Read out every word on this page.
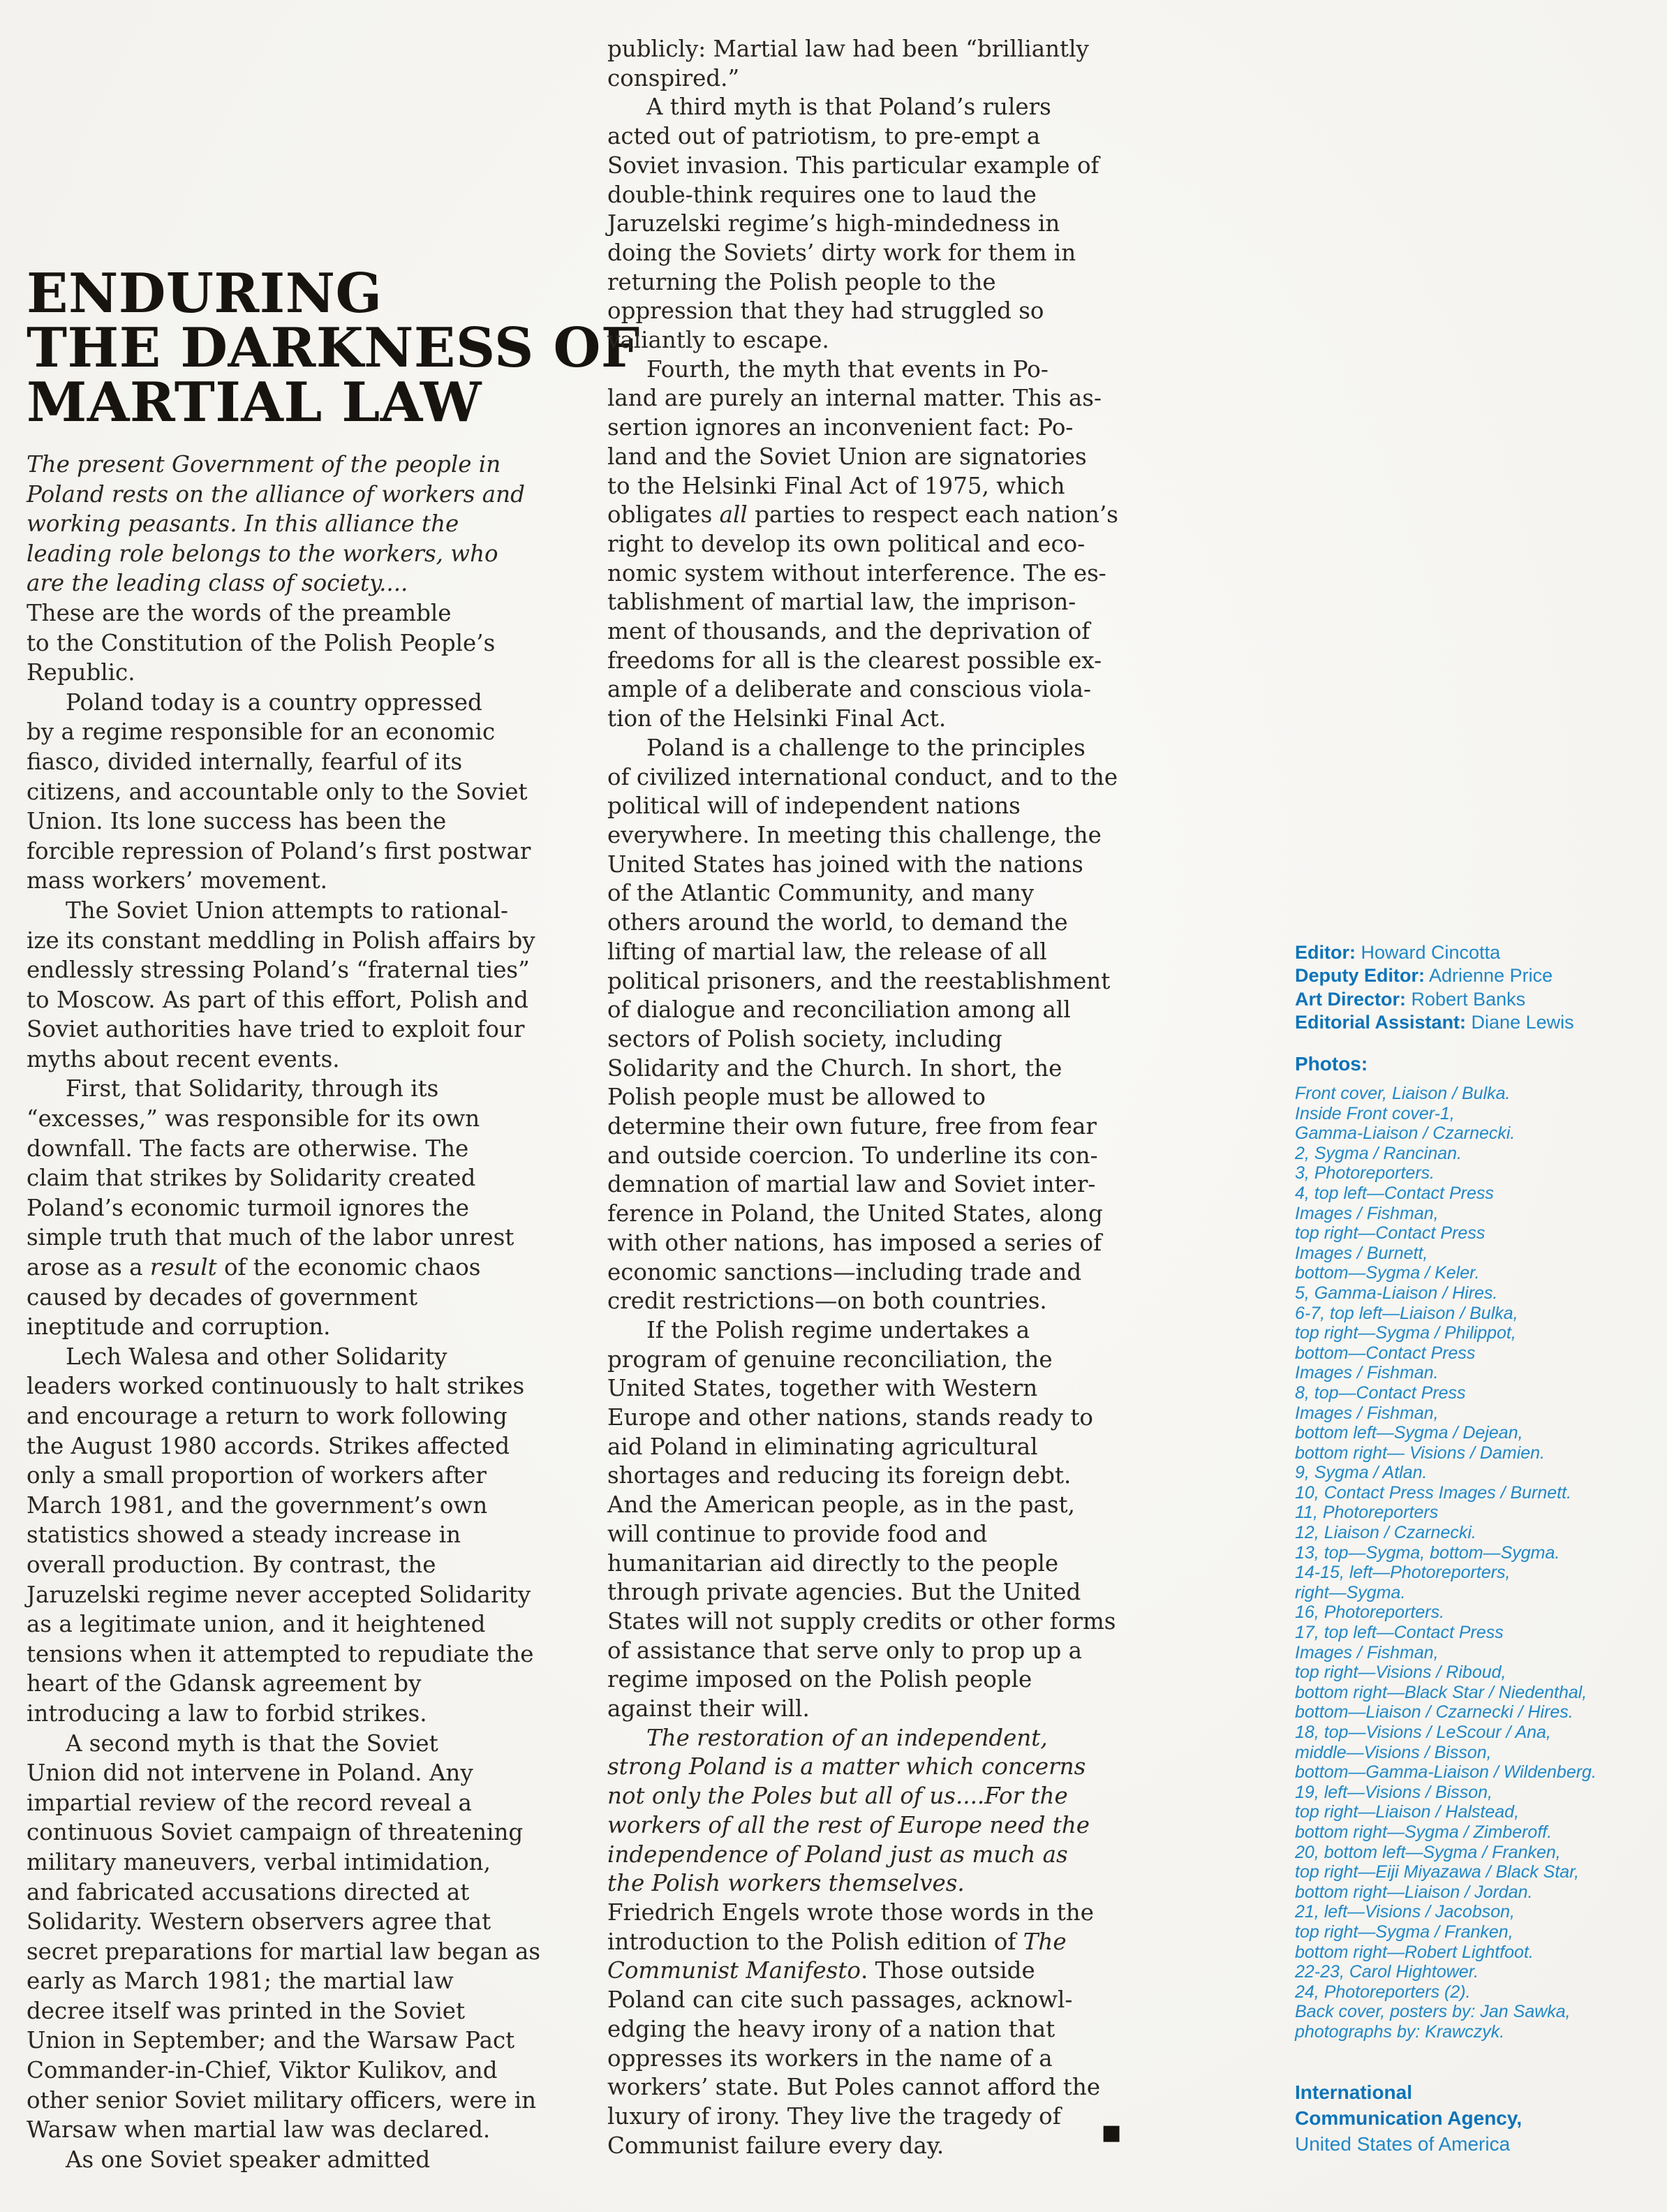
ENDURING
THE DARKNESS OF
MARTIAL LAW
The present Government of the people in
Poland rests on the alliance of workers and
working peasants. In this alliance the
leading role belongs to the workers, who
are the leading class of society....
These are the words of the preamble
to the Constitution of the Polish People’s
Republic.
Poland today is a country oppressed
by a regime responsible for an economic
fiasco, divided internally, fearful of its
citizens, and accountable only to the Soviet
Union. Its lone success has been the
forcible repression of Poland’s first postwar
mass workers’ movement.
The Soviet Union attempts to rational-
ize its constant meddling in Polish affairs by
endlessly stressing Poland’s “fraternal ties”
to Moscow. As part of this effort, Polish and
Soviet authorities have tried to exploit four
myths about recent events.
First, that Solidarity, through its
“excesses,” was responsible for its own
downfall. The facts are otherwise. The
claim that strikes by Solidarity created
Poland’s economic turmoil ignores the
simple truth that much of the labor unrest
arose as a result of the economic chaos
caused by decades of government
ineptitude and corruption.
Lech Walesa and other Solidarity
leaders worked continuously to halt strikes
and encourage a return to work following
the August 1980 accords. Strikes affected
only a small proportion of workers after
March 1981, and the government’s own
statistics showed a steady increase in
overall production. By contrast, the
Jaruzelski regime never accepted Solidarity
as a legitimate union, and it heightened
tensions when it attempted to repudiate the
heart of the Gdansk agreement by
introducing a law to forbid strikes.
A second myth is that the Soviet
Union did not intervene in Poland. Any
impartial review of the record reveal a
continuous Soviet campaign of threatening
military maneuvers, verbal intimidation,
and fabricated accusations directed at
Solidarity. Western observers agree that
secret preparations for martial law began as
early as March 1981; the martial law
decree itself was printed in the Soviet
Union in September; and the Warsaw Pact
Commander-in-Chief, Viktor Kulikov, and
other senior Soviet military officers, were in
Warsaw when martial law was declared.
As one Soviet speaker admitted
publicly: Martial law had been “brilliantly
conspired.”
A third myth is that Poland’s rulers
acted out of patriotism, to pre-empt a
Soviet invasion. This particular example of
double-think requires one to laud the
Jaruzelski regime’s high-mindedness in
doing the Soviets’ dirty work for them in
returning the Polish people to the
oppression that they had struggled so
valiantly to escape.
Fourth, the myth that events in Po-
land are purely an internal matter. This as-
sertion ignores an inconvenient fact: Po-
land and the Soviet Union are signatories
to the Helsinki Final Act of 1975, which
obligates all parties to respect each nation’s
right to develop its own political and eco-
nomic system without interference. The es-
tablishment of martial law, the imprison-
ment of thousands, and the deprivation of
freedoms for all is the clearest possible ex-
ample of a deliberate and conscious viola-
tion of the Helsinki Final Act.
Poland is a challenge to the principles
of civilized international conduct, and to the
political will of independent nations
everywhere. In meeting this challenge, the
United States has joined with the nations
of the Atlantic Community, and many
others around the world, to demand the
lifting of martial law, the release of all
political prisoners, and the reestablishment
of dialogue and reconciliation among all
sectors of Polish society, including
Solidarity and the Church. In short, the
Polish people must be allowed to
determine their own future, free from fear
and outside coercion. To underline its con-
demnation of martial law and Soviet inter-
ference in Poland, the United States, along
with other nations, has imposed a series of
economic sanctions—including trade and
credit restrictions—on both countries.
If the Polish regime undertakes a
program of genuine reconciliation, the
United States, together with Western
Europe and other nations, stands ready to
aid Poland in eliminating agricultural
shortages and reducing its foreign debt.
And the American people, as in the past,
will continue to provide food and
humanitarian aid directly to the people
through private agencies. But the United
States will not supply credits or other forms
of assistance that serve only to prop up a
regime imposed on the Polish people
against their will.
The restoration of an independent,
strong Poland is a matter which concerns
not only the Poles but all of us....For the
workers of all the rest of Europe need the
independence of Poland just as much as
the Polish workers themselves.
Friedrich Engels wrote those words in the
introduction to the Polish edition of The
Communist Manifesto. Those outside
Poland can cite such passages, acknowl-
edging the heavy irony of a nation that
oppresses its workers in the name of a
workers’ state. But Poles cannot afford the
luxury of irony. They live the tragedy of
Communist failure every day.	■
Editor: Howard Cincotta
Deputy Editor: Adrienne Price
Art Director: Robert Banks
Editorial Assistant: Diane Lewis
Photos:
Front cover, Liaison / Bulka.
Inside Front cover-1,
Gamma-Liaison / Czarnecki.
2, Sygma / Rancinan.
3, Photoreporters.
4, top left—Contact Press
Images / Fishman,
top right—Contact Press
Images / Burnett,
bottom—Sygma / Keler.
5, Gamma-Liaison / Hires.
6-7, top left—Liaison / Bulka,
top right—Sygma / Philippot,
bottom—Contact Press
Images / Fishman.
8, top—Contact Press
Images / Fishman,
bottom left—Sygma / Dejean,
bottom right— Visions / Damien.
9, Sygma / Atlan.
10, Contact Press Images / Burnett.
11, Photoreporters
12, Liaison / Czarnecki.
13, top—Sygma, bottom—Sygma.
14-15, left—Photoreporters,
right—Sygma.
16, Photoreporters.
17, top left—Contact Press
Images / Fishman,
top right—Visions / Riboud,
bottom right—Black Star / Niedenthal,
bottom—Liaison / Czarnecki / Hires.
18, top—Visions / LeScour / Ana,
middle—Visions / Bisson,
bottom—Gamma-Liaison / Wildenberg.
19, left—Visions / Bisson,
top right—Liaison / Halstead,
bottom right—Sygma / Zimberoff.
20, bottom left—Sygma / Franken,
top right—Eiji Miyazawa / Black Star,
bottom right—Liaison / Jordan.
21, left—Visions / Jacobson,
top right—Sygma / Franken,
bottom right—Robert Lightfoot.
22-23, Carol Hightower.
24, Photoreporters (2).
Back cover, posters by: Jan Sawka,
photographs by: Krawczyk.
International
Communication Agency,
United States of America
